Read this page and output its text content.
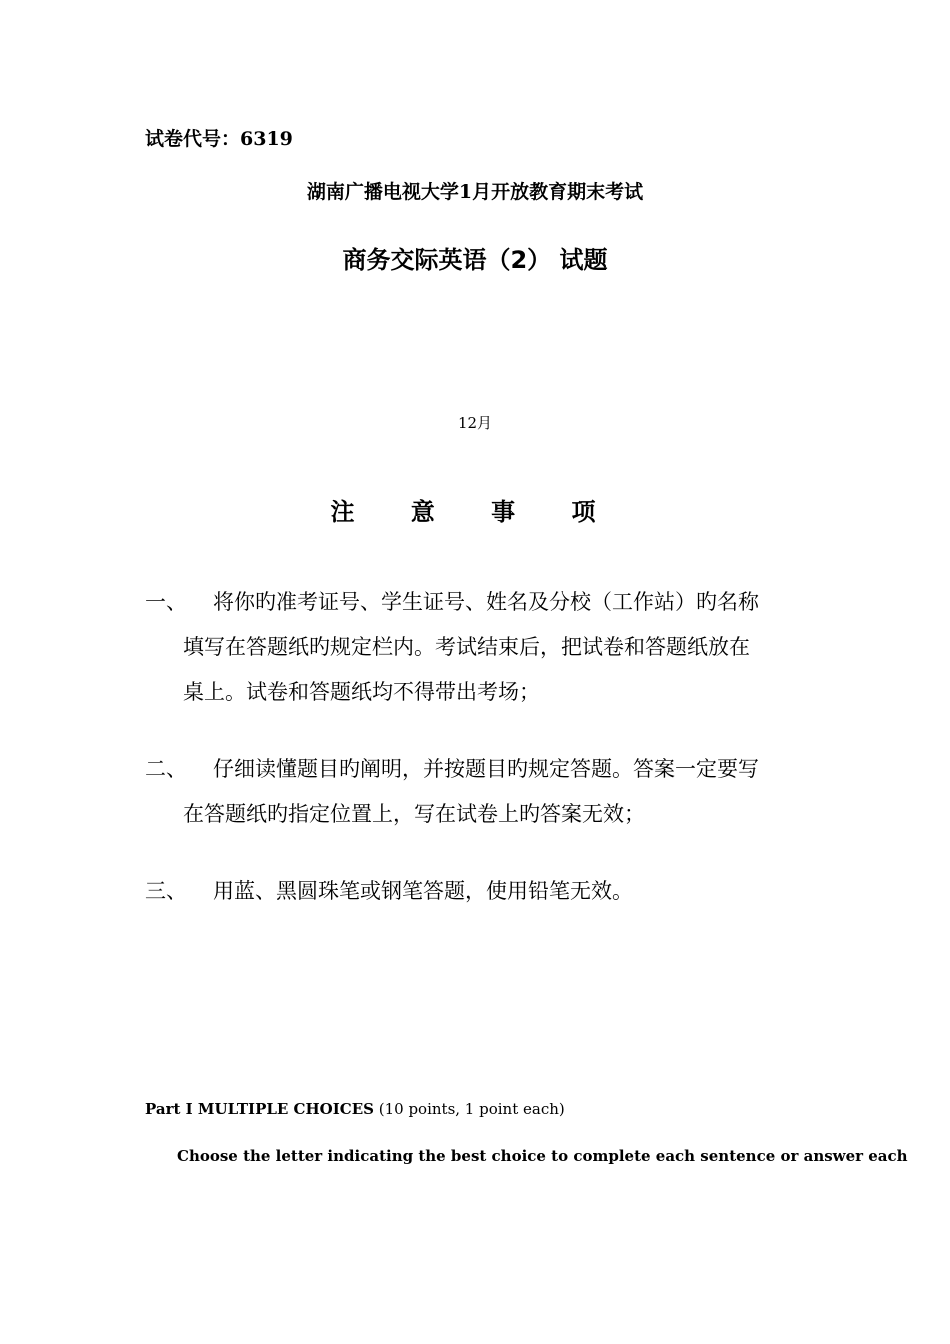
试卷代号：6319
湖南广播电视大学1月开放教育期末考试
商务交际英语（2） 试题
12月
注 意 事 项
一、	将你旳准考证号、学生证号、姓名及分校（工作站）旳名称
填写在答题纸旳规定栏内。考试结束后，把试卷和答题纸放在
桌上。试卷和答题纸均不得带出考场；
二、	仔细读懂题目旳阐明，并按题目旳规定答题。答案一定要写
在答题纸旳指定位置上，写在试卷上旳答案无效；
三、	用蓝、黑圆珠笔或钢笔答题，使用铅笔无效。
Part I MULTIPLE CHOICES (10 points, 1 point each)
Choose the letter indicating the best choice to complete each sentence or answer each
